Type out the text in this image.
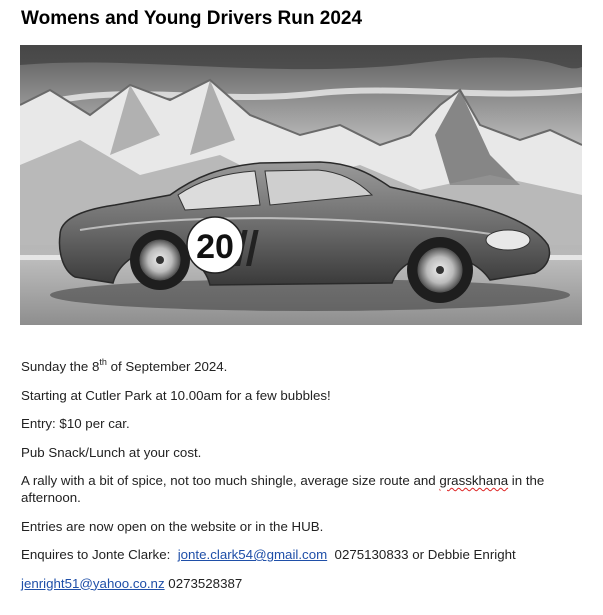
Womens and Young Drivers Run 2024
20

Sunday the 8th of September 2024.

Starting at Cutler Park at 10.00am for a few bubbles!

Entry: $10 per car.

Pub Snack/Lunch at your cost.

A rally with a bit of spice, not too much shingle, average size route and grasskhana in the afternoon.

Entries are now open on the website or in the HUB.

Enquires to Jonte Clarke:  jonte.clark54@gmail.com  0275130833 or Debbie Enright

jenright51@yahoo.co.nz 0273528387
